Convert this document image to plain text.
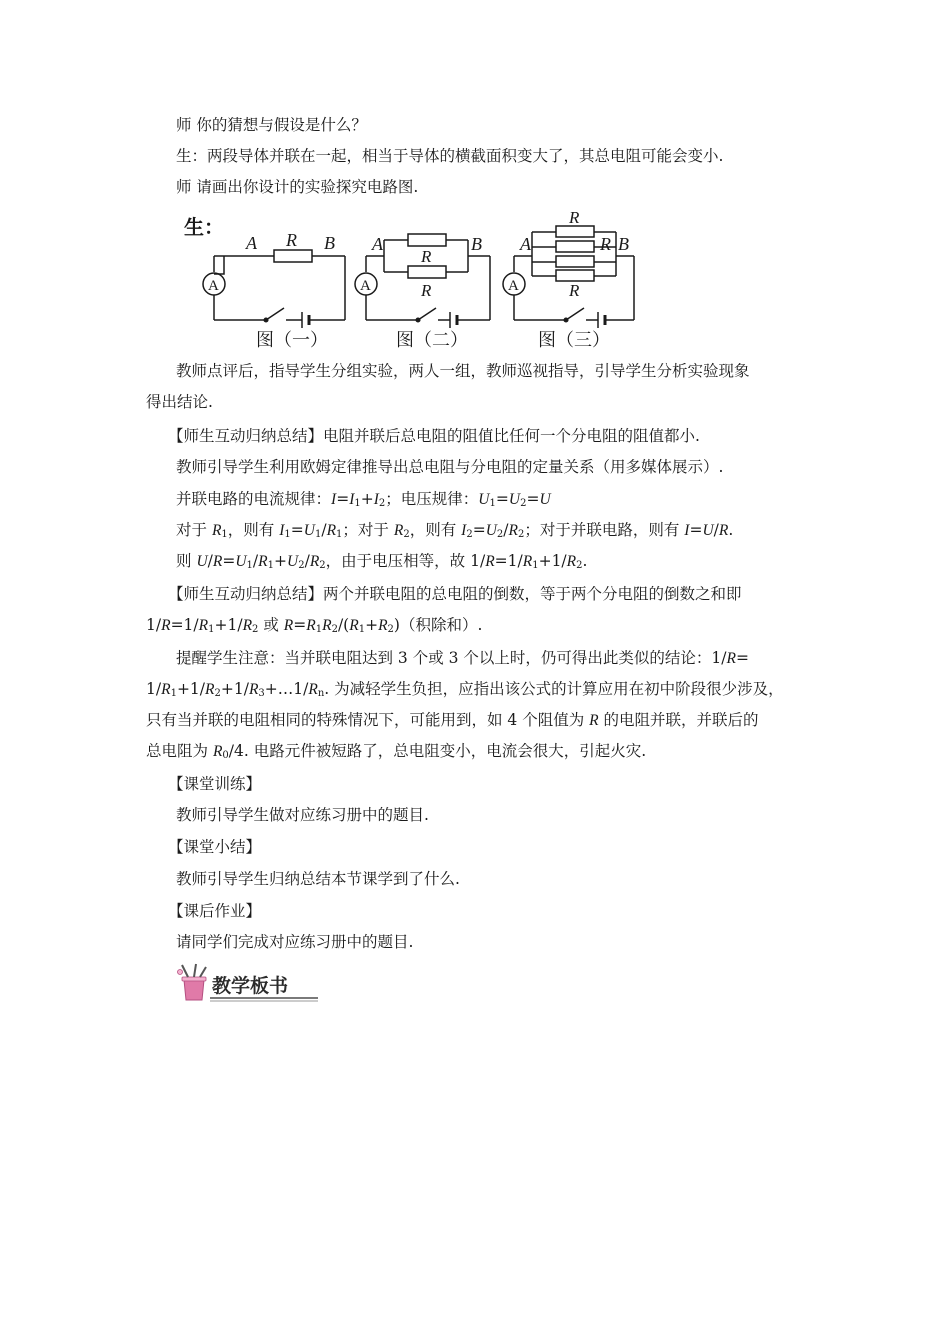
师 你的猜想与假设是什么？
生：两段导体并联在一起，相当于导体的横截面积变大了，其总电阻可能会变小.
师 请画出你设计的实验探究电路图.
生：
A R B
A
图（一）
A	B
R
R
A
图（二）
A	B
R
R
R
A
图（三）
教师点评后，指导学生分组实验，两人一组，教师巡视指导，引导学生分析实验现象
得出结论.
【师生互动归纳总结】电阻并联后总电阻的阻值比任何一个分电阻的阻值都小.
教师引导学生利用欧姆定律推导出总电阻与分电阻的定量关系（用多媒体展示）.
并联电路的电流规律：$I=I_1+I_2$；电压规律：$U_1=U_2=U$
对于 $R_1$，则有 $I_1=U_1/R_1$；对于 $R_2$，则有 $I_2=U_2/R_2$；对于并联电路，则有 I=U/R.
则 $U/R=U_1/R_1+U_2/R_2$，由于电压相等，故 $1/R=1/R_1+1/R_2$.
【师生互动归纳总结】两个并联电阻的总电阻的倒数，等于两个分电阻的倒数之和即
$1/R=1/R_1+1/R_2$ 或 $R=R_1R_2/(R_1+R_2)$（积除和）.
提醒学生注意：当并联电阻达到 3 个或 3 个以上时，仍可得出此类似的结论：1/R=
$1/R_1+1/R_2+1/R_3+\dots 1/R_n$. 为减轻学生负担，应指出该公式的计算应用在初中阶段很少涉及，
只有当并联的电阻相同的特殊情况下，可能用到，如 4 个阻值为 R 的电阻并联，并联后的
总电阻为 $R_0/4$. 电路元件被短路了，总电阻变小，电流会很大，引起火灾.
【课堂训练】
教师引导学生做对应练习册中的题目.
【课堂小结】
教师引导学生归纳总结本节课学到了什么.
【课后作业】
请同学们完成对应练习册中的题目.
教学板书
